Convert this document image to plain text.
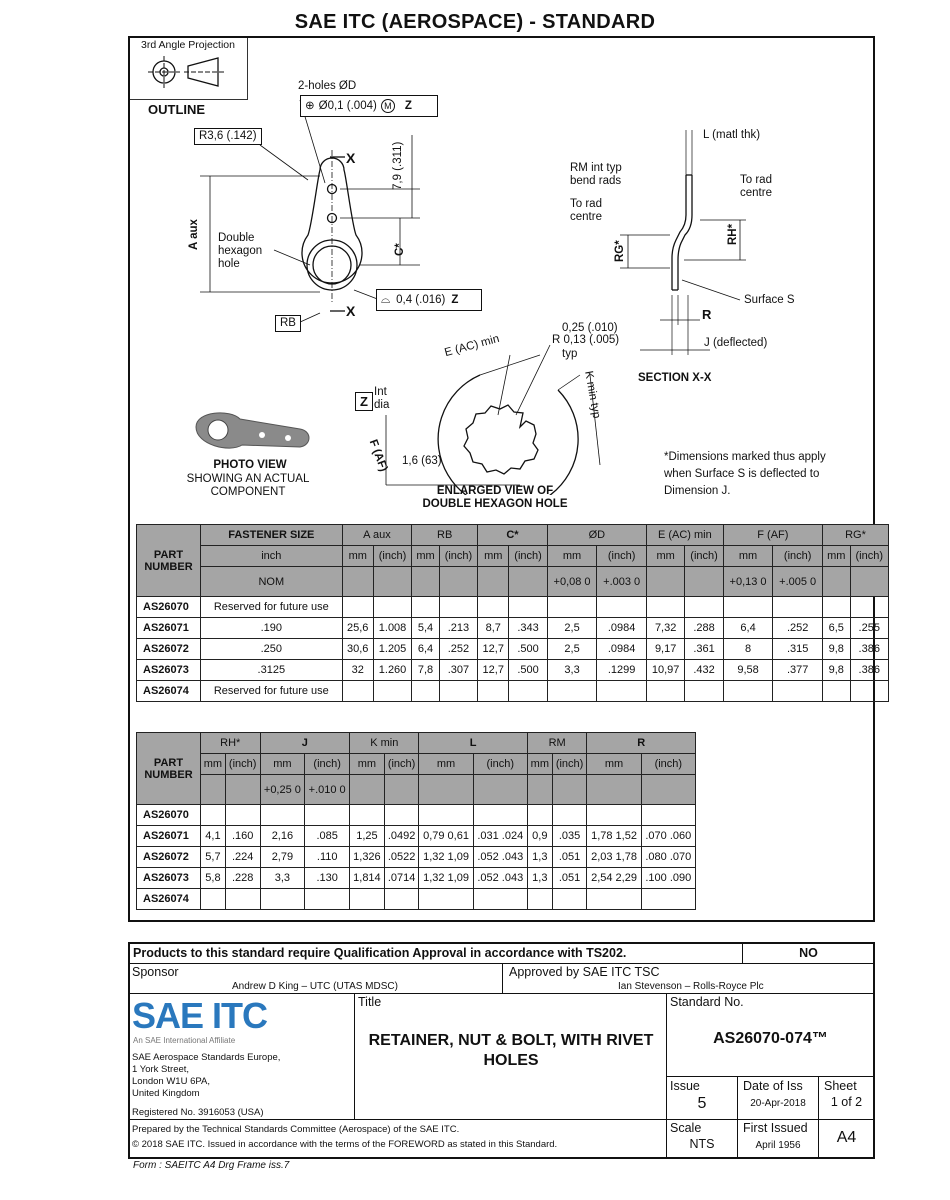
SAE ITC (AEROSPACE) - STANDARD
3rd Angle Projection
OUTLINE
2-holes ØD
⊕ Ø0,1 (.004) M Z
R3,6 (.142)
X	7,9 (.311)
A aux	C*
Double hexagon hole
⌓ 0,4 (.016) Z
X
RB
L (matl thk)
RM int typ bend rads	To rad centre
To rad centre
RG*
RH*
Surface S
R
J (deflected)
SECTION X-X
E (AC) min
0,25 (.010)
R 0,13 (.005)
typ
K min typ
Z
Int dia
F (AF) 1,6 (63)
ENLARGED VIEW OF DOUBLE HEXAGON HOLE
PHOTO VIEW
SHOWING AN ACTUAL COMPONENT
*Dimensions marked thus apply when Surface S is deflected to Dimension J.
PART NUMBER	FASTENER SIZE	A aux		RB		C*		ØD		E (AC) min		F (AF)		RG*	
	inch	mm	(inch)	mm	(inch)	mm	(inch)	mm	(inch)	mm	(inch)	mm	(inch)	mm	(inch)
	NOM							+0,08 0	+.003 0			+0,13 0	+.005 0		
AS26070	Reserved for future use														
AS26071	.190	25,6	1.008	5,4	.213	8,7	.343	2,5	.0984	7,32	.288	6,4	.252	6,5	.255
AS26072	.250	30,6	1.205	6,4	.252	12,7	.500	2,5	.0984	9,17	.361	8	.315	9,8	.386
AS26073	.3125	32	1.260	7,8	.307	12,7	.500	3,3	.1299	10,97	.432	9,58	.377	9,8	.386
AS26074	Reserved for future use														
PART NUMBER	RH*		J		K min		L		RM		R	
	mm	(inch)	mm	(inch)	mm	(inch)	mm	(inch)	mm	(inch)	mm	(inch)
			+0,25 0	+.010 0								
AS26070												
AS26071	4,1	.160	2,16	.085	1,25	.0492	0,79 0,61	.031 .024	0,9	.035	1,78 1,52	.070 .060
AS26072	5,7	.224	2,79	.110	1,326	.0522	1,32 1,09	.052 .043	1,3	.051	2,03 1,78	.080 .070
AS26073	5,8	.228	3,3	.130	1,814	.0714	1,32 1,09	.052 .043	1,3	.051	2,54 2,29	.100 .090
AS26074												
Products to this standard require Qualification Approval in accordance with TS202.	NO
Sponsor
Andrew D King – UTC (UTAS MDSC)
Approved by SAE ITC TSC
Ian Stevenson – Rolls-Royce Plc
SAE ITC
An SAE International Affiliate
SAE Aerospace Standards Europe,
1 York Street,
London W1U 6PA,
United Kingdom
Registered No. 3916053 (USA)
Title
RETAINER, NUT & BOLT, WITH RIVET HOLES
Standard No.
AS26070-074™
Issue
5
Date of Iss
20-Apr-2018
Sheet
1 of 2
Prepared by the Technical Standards Committee (Aerospace) of the SAE ITC.
© 2018 SAE ITC. Issued in accordance with the terms of the FOREWORD as stated in this Standard.
Scale
NTS
First Issued
April 1956	A4
Form : SAEITC A4 Drg Frame iss.7
